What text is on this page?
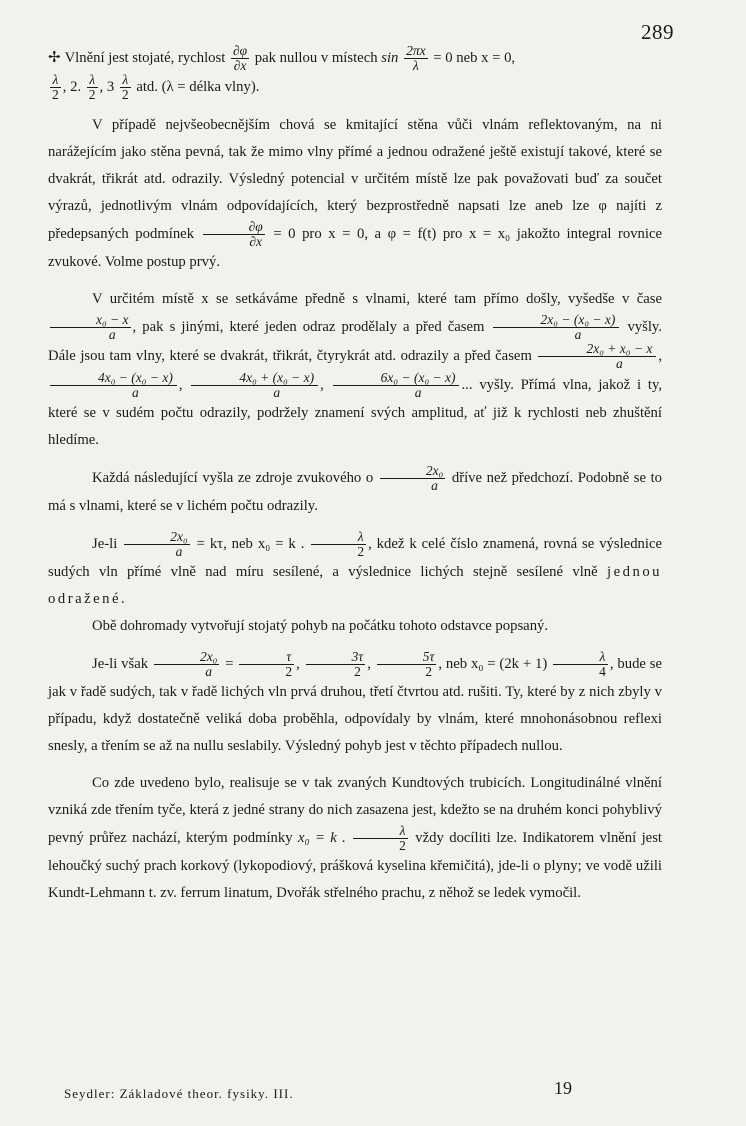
289

✢ Vlnění jest stojaté, rychlost $\frac{\partial\varphi}{\partial x}$ pak nullou v místech $\sin \frac{2\pi x}{\lambda} = 0$ neb x = 0,

$\frac{\lambda}{2}$ , 2. $\frac{\lambda}{2}$ , $3 \frac{\lambda}{2}$ atd. (λ = délka vlny).

V případě nejvšeobecnějším chová se kmitající stěna vůči vlnám reflektovaným, na ni narážejícím jako stěna pevná, tak že mimo vlny přímé a jednou odražené ještě existují takové, které se dvakrát, třikrát atd. odrazily. Výsledný potencial v určitém místě lze pak považovati buď za součet výrazů, jednotlivým vlnám odpovídajících, který bezprostředně napsati lze aneb lze φ najíti z předepsaných podmínek $\frac{\partial\varphi}{\partial x} = 0$ pro x = 0, a φ = f(t) pro x = x₀ jakožto integral rovnice zvukové. Volme postup prvý.

V určitém místě x se setkáváme předně s vlnami, které tam přímo došly, vyšedše v čase
$\frac{\text{x₀ − x}}{a}$ , pak s jinými, které jeden odraz prodělaly a před časem $\frac{\text{2x₀ − (x₀ − x)}}{a}$ vyšly. Dále jsou tam vlny, které se dvakrát, třikrát, čtyrykrát atd. odrazily a před časem $\frac{\text{2x₀ + x₀ − x}}{a}$ ,
$\frac{\text{4x₀ − (x₀ − x)}}{a}$ , $\frac{\text{4x₀ + (x₀ − x)}}{a}$ , $\frac{\text{6x₀ − (x₀ − x)}}{a}$ ... vyšly. Přímá vlna, jakož i ty, které se v sudém počtu odrazily, podržely znamení svých amplitud, ať již k rychlosti neb zhuštění hledíme.

Každá následující vyšla ze zdroje zvukového o $\frac{\text{2x₀}}{a}$ dříve než předchozí. Podobně se to má s vlnami, které se v lichém počtu odrazily.

$Je-li \frac{\text{2x₀}}{a} = k\tau$, neb x₀ = k . $\frac{\lambda}{2}$ , kdež k celé číslo znamená, rovná se výslednice sudých vln přímé vlně nad míru sesílené, a výslednice lichých stejně sesílené vlně jednou odražené.

Obě dohromady vytvořují stojatý pohyb na počátku tohoto odstavce popsaný.

Je-li však $\frac{\text{2x₀}}{a} = \frac{\tau}{2}$ , $\frac{3\tau}{2}$ , $\frac{5\tau}{2}$ , neb $x_0 = (2k + 1) \frac{\lambda}{4}$ , bude se jak v řadě sudých, tak v řadě lichých vln prvá druhou, třetí čtvrtou atd. rušiti. Ty, které by z nich zbyly v případu, když dostatečně veliká doba proběhla, odpovídaly by vlnám, které mnohonásobnou reflexi snesly, a třením se až na nullu seslabily. Výsledný pohyb jest v těchto případech nullou.

Co zde uvedeno bylo, realisuje se v tak zvaných Kundtových trubicích. Longitudinálné vlnění vzniká zde třením tyče, která z jedné strany do nich zasazena jest, kdežto se na druhém konci pohyblivý pevný průřez nachází, kterým podmínky x₀ = k . $\frac{\lambda}{2}$ vždy docíliti lze. Indikatorem vlnění jest lehoučký suchý prach korkový (lykopodiový, prášková kyselina křemičitá), jde-li o plyny; ve vodě užili Kundt-Lehmann t. zv. ferrum linatum, Dvořák střelného prachu, z něhož se ledek vymočil.

Seydler: Základové theor. fysiky. III.	19
